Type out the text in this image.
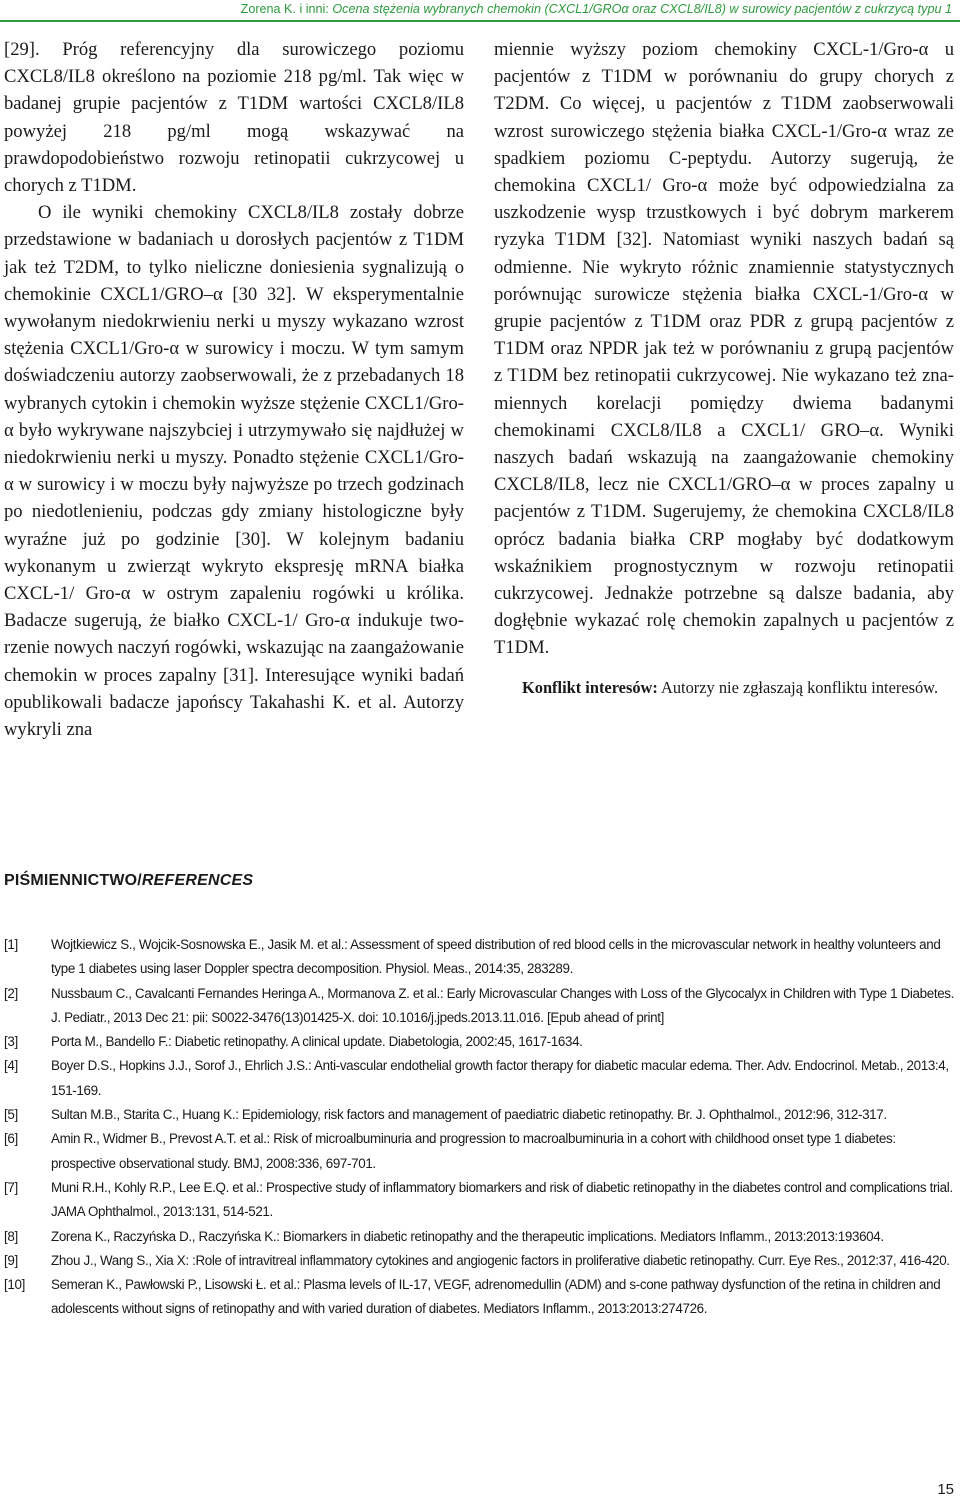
Zorena K. i inni: Ocena stężenia wybranych chemokin (CXCL1/GROα oraz CXCL8/IL8) w surowicy pacjentów z cukrzycą typu 1

[29]. Próg referencyjny dla surowiczego poziomu CXCL8/IL8 określono na poziomie 218 pg/ml. Tak więc w badanej grupie pacjentów z T1DM wartości CXCL8/IL8 powyżej 218 pg/ml mogą wskazywać na prawdopodobieństwo rozwoju retinopatii cukrzycowej u chorych z T1DM.

O ile wyniki chemokiny CXCL8/IL8 zostały dobrze przedstawione w badaniach u dorosłych pacjentów z T1DM jak też T2DM, to tylko nieliczne doniesienia sygnalizują o chemokinie CXCL1/GRO–α [30 32]. W eksperymentalnie wywołanym niedokrwieniu nerki u myszy wykazano wzrost stężenia CXCL1/Gro-α w surowicy i moczu. W tym samym doświadczeniu autorzy zaobserwowali, że z przebadanych 18 wybranych cytokin i chemokin wyższe stężenie CXCL1/Gro-α było wykrywane najszybciej i utrzymywało się najdłużej w niedokrwieniu nerki u myszy. Ponadto stężenie CXCL1/Gro-α w surowicy i w moczu były najwyższe po trzech godzinach po niedotlenieniu, podczas gdy zmiany histologiczne były wyraźne już po godzinie [30]. W kolejnym badaniu wykonanym u zwierząt wykryto ekspresję mRNA białka CXCL-1/ Gro-α w ostrym zapaleniu rogówki u królika. Badacze sugerują, że białko CXCL-1/ Gro-α indukuje tworzenie nowych naczyń rogówki, wskazując na zaangażowanie chemokin w proces zapalny [31]. Interesujące wyniki badań opublikowali badacze japońscy Takahashi K. et al. Autorzy wykryli zna

miennie wyższy poziom chemokiny CXCL-1/Gro-α u pacjentów z T1DM w porównaniu do grupy chorych z T2DM. Co więcej, u pacjentów z T1DM zaobserwowali wzrost surowiczego stężenia białka CXCL-1/Gro-α wraz ze spadkiem poziomu C-peptydu. Autorzy sugerują, że chemokina CXCL1/ Gro-α może być odpowiedzialna za uszkodzenie wysp trzustkowych i być dobrym markerem ryzyka T1DM [32]. Natomiast wyniki naszych badań są odmienne. Nie wykryto różnic znamiennie statystycznych porównując surowicze stężenia białka CXCL-1/Gro-α w grupie pacjentów z T1DM oraz PDR z grupą pacjentów z T1DM oraz NPDR jak też w porównaniu z grupą pacjentów z T1DM bez retinopatii cukrzycowej. Nie wykazano też znamiennych korelacji pomiędzy dwiema badanymi chemokinami CXCL8/IL8 a CXCL1/ GRO–α. Wyniki naszych badań wskazują na zaangażowanie chemokiny CXCL8/IL8, lecz nie CXCL1/GRO–α w proces zapalny u pacjentów z T1DM. Sugerujemy, że chemokina CXCL8/IL8 oprócz badania białka CRP mogłaby być dodatkowym wskaźnikiem prognostycznym w rozwoju retinopatii cukrzycowej. Jednakże potrzebne są dalsze badania, aby dogłębnie wykazać rolę chemokin zapalnych u pacjentów z T1DM.

Konflikt interesów: Autorzy nie zgłaszają konfliktu interesów.

PIŚMIENNICTWO/REFERENCES
[1] Wojtkiewicz S., Wojcik-Sosnowska E., Jasik M. et al.: Assessment of speed distribution of red blood cells in the microvascular network in healthy volunteers and type 1 diabetes using laser Doppler spectra decomposition. Physiol. Meas., 2014:35, 283289.
[2] Nussbaum C., Cavalcanti Fernandes Heringa A., Mormanova Z. et al.: Early Microvascular Changes with Loss of the Glycocalyx in Children with Type 1 Diabetes. J. Pediatr., 2013 Dec 21: pii: S0022-3476(13)01425-X. doi: 10.1016/j.jpeds.2013.11.016. [Epub ahead of print]
[3] Porta M., Bandello F.: Diabetic retinopathy. A clinical update. Diabetologia, 2002:45, 1617-1634.
[4] Boyer D.S., Hopkins J.J., Sorof J., Ehrlich J.S.: Anti-vascular endothelial growth factor therapy for diabetic macular edema. Ther. Adv. Endocrinol. Metab., 2013:4, 151-169.
[5] Sultan M.B., Starita C., Huang K.: Epidemiology, risk factors and management of paediatric diabetic retinopathy. Br. J. Ophthalmol., 2012:96, 312-317.
[6] Amin R., Widmer B., Prevost A.T. et al.: Risk of microalbuminuria and progression to macroalbuminuria in a cohort with childhood onset type 1 diabetes: prospective observational study. BMJ, 2008:336, 697-701.
[7] Muni R.H., Kohly R.P., Lee E.Q. et al.: Prospective study of inflammatory biomarkers and risk of diabetic retinopathy in the diabetes control and complications trial. JAMA Ophthalmol., 2013:131, 514-521.
[8] Zorena K., Raczyńska D., Raczyńska K.: Biomarkers in diabetic retinopathy and the therapeutic implications. Mediators Inflamm., 2013:2013:193604.
[9] Zhou J., Wang S., Xia X: :Role of intravitreal inflammatory cytokines and angiogenic factors in proliferative diabetic retinopathy. Curr. Eye Res., 2012:37, 416-420.
[10] Semeran K., Pawłowski P., Lisowski Ł. et al.: Plasma levels of IL-17, VEGF, adrenomedullin (ADM) and s-cone pathway dysfunction of the retina in children and adolescents without signs of retinopathy and with varied duration of diabetes. Mediators Inflamm., 2013:2013:274726.
15
